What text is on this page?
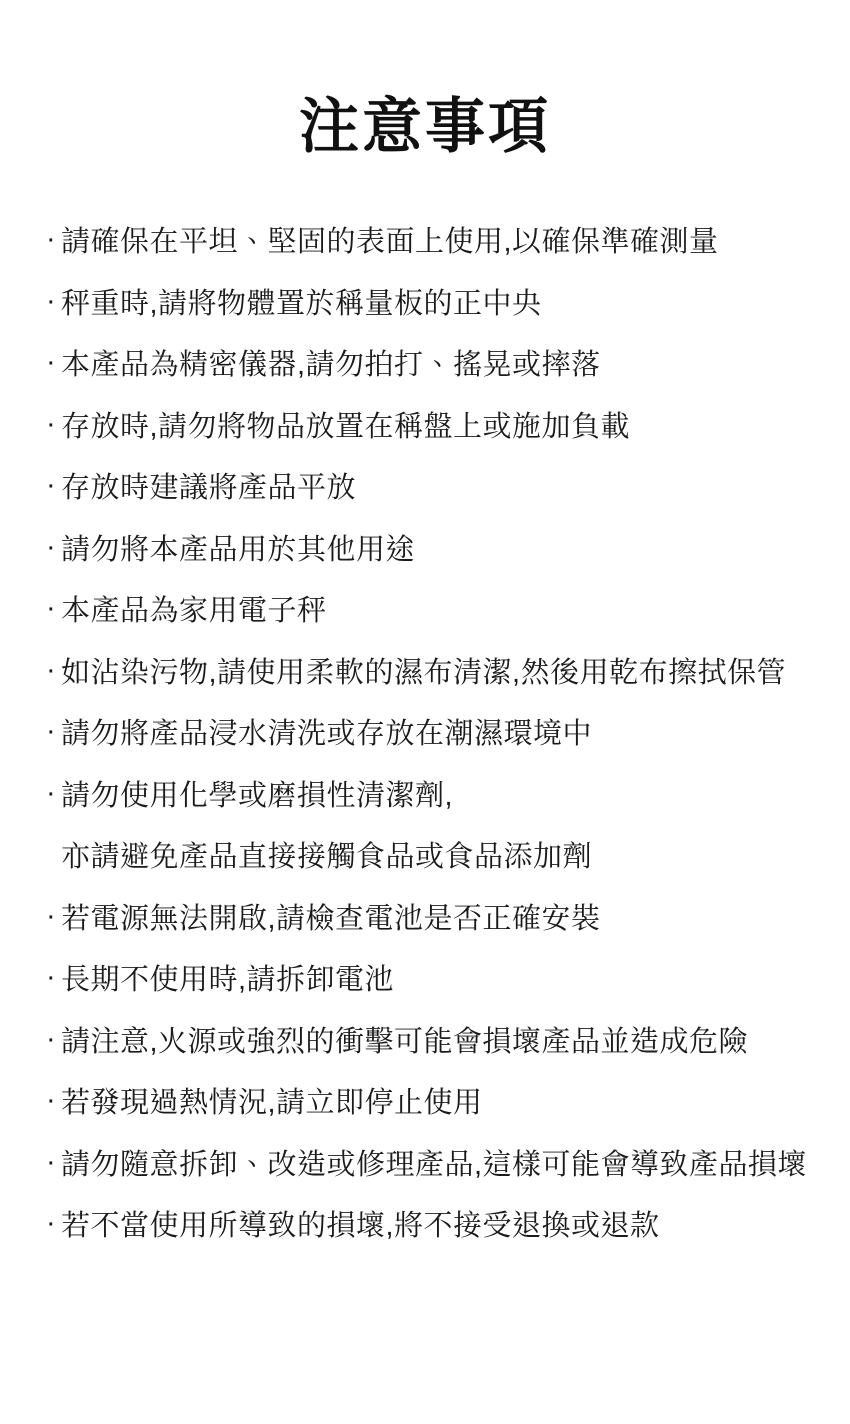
注意事項
· 請確保在平坦、堅固的表面上使用,以確保準確測量
· 秤重時,請將物體置於稱量板的正中央
· 本產品為精密儀器,請勿拍打、搖晃或摔落
· 存放時,請勿將物品放置在稱盤上或施加負載
· 存放時建議將產品平放
· 請勿將本產品用於其他用途
· 本產品為家用電子秤
· 如沾染污物,請使用柔軟的濕布清潔,然後用乾布擦拭保管
· 請勿將產品浸水清洗或存放在潮濕環境中
· 請勿使用化學或磨損性清潔劑,
亦請避免產品直接接觸食品或食品添加劑
· 若電源無法開啟,請檢查電池是否正確安裝
· 長期不使用時,請拆卸電池
· 請注意,火源或強烈的衝擊可能會損壞產品並造成危險
· 若發現過熱情況,請立即停止使用
· 請勿隨意拆卸、改造或修理產品,這樣可能會導致產品損壞
· 若不當使用所導致的損壞,將不接受退換或退款
